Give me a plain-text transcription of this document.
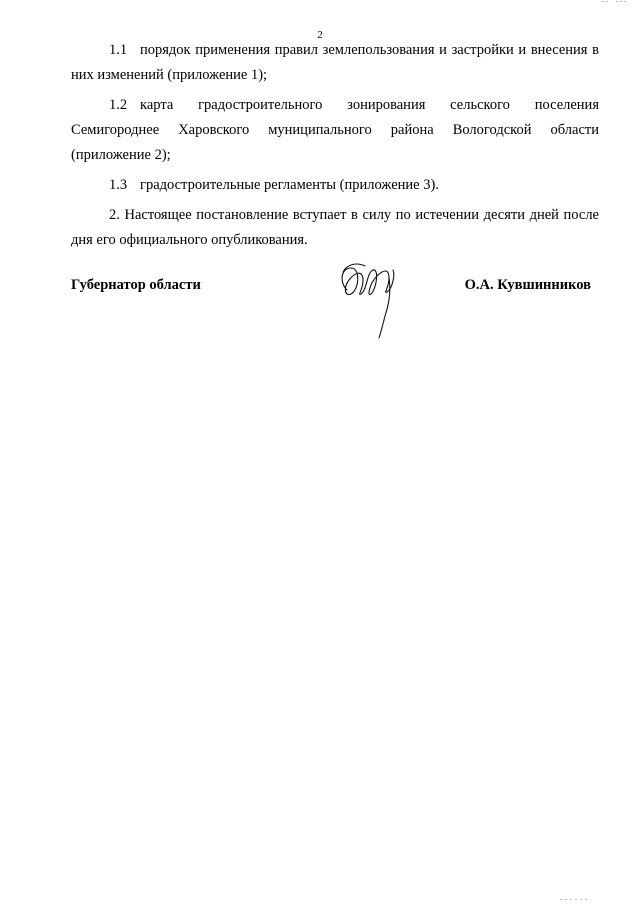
2

1.1 порядок применения правил землепользования и застройки и внесения в них изменений (приложение 1);

1.2 карта градостроительного зонирования сельского поселения Семигороднее Харовского муниципального района Вологодской области (приложение 2);

1.3 градостроительные регламенты (приложение 3).

2. Настоящее постановление вступает в силу по истечении десяти дней после дня его официального опубликования.

Губернатор области	О.А. Кувшинников
